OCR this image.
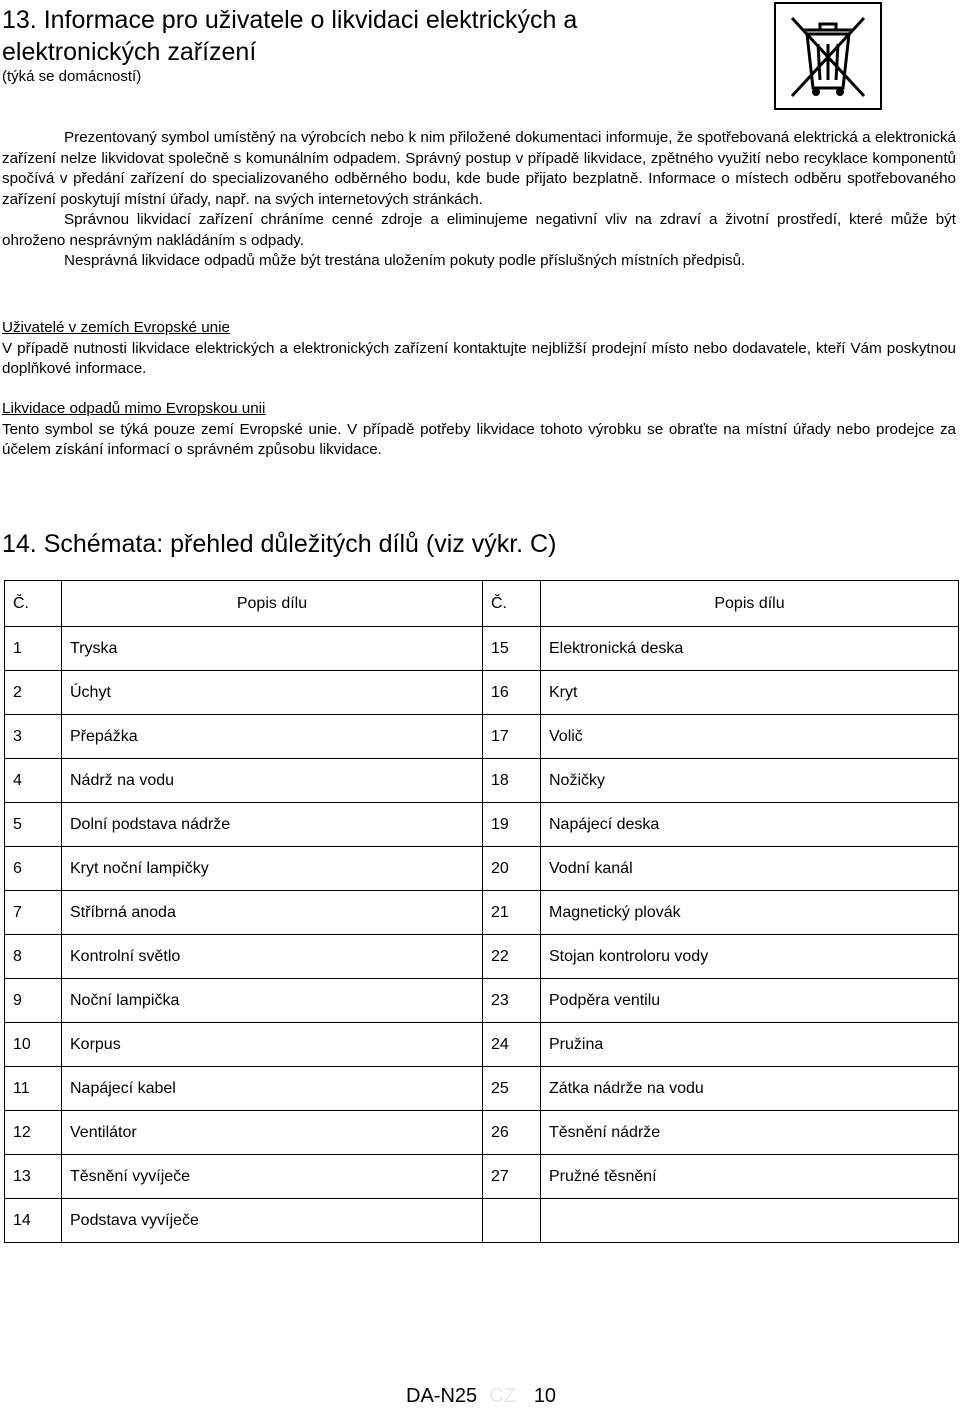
13. Informace pro uživatele o likvidaci elektrických a elektronických zařízení
(týká se domácností)

Prezentovaný symbol umístěný na výrobcích nebo k nim přiložené dokumentaci informuje, že spotřebovaná elektrická a elektronická zařízení nelze likvidovat společně s komunálním odpadem. Správný postup v případě likvidace, zpětného využití nebo recyklace komponentů spočívá v předání zařízení do specializovaného odběrného bodu, kde bude přijato bezplatně. Informace o místech odběru spotřebovaného zařízení poskytují místní úřady, např. na svých internetových stránkách.

Správnou likvidací zařízení chráníme cenné zdroje a eliminujeme negativní vliv na zdraví a životní prostředí, které může být ohroženo nesprávným nakládáním s odpady.

Nesprávná likvidace odpadů může být trestána uložením pokuty podle příslušných místních předpisů.

Uživatelé v zemích Evropské unie

V případě nutnosti likvidace elektrických a elektronických zařízení kontaktujte nejbližší prodejní místo nebo dodavatele, kteří Vám poskytnou doplňkové informace.

Likvidace odpadů mimo Evropskou unii

Tento symbol se týká pouze zemí Evropské unie. V případě potřeby likvidace tohoto výrobku se obraťte na místní úřady nebo prodejce za účelem získání informací o správném způsobu likvidace.

14. Schémata: přehled důležitých dílů (viz výkr. C)
Č.	Popis dílu	Č.	Popis dílu
1	Tryska	15	Elektronická deska
2	Úchyt	16	Kryt
3	Přepážka	17	Volič
4	Nádrž na vodu	18	Nožičky
5	Dolní podstava nádrže	19	Napájecí deska
6	Kryt noční lampičky	20	Vodní kanál
7	Stříbrná anoda	21	Magnetický plovák
8	Kontrolní světlo	22	Stojan kontroloru vody
9	Noční lampička	23	Podpěra ventilu
10	Korpus	24	Pružina
11	Napájecí kabel	25	Zátka nádrže na vodu
12	Ventilátor	26	Těsnění nádrže
13	Těsnění vyvíječe	27	Pružné těsnění
14	Podstava vyvíječe		
DA-N25 CZ 10
